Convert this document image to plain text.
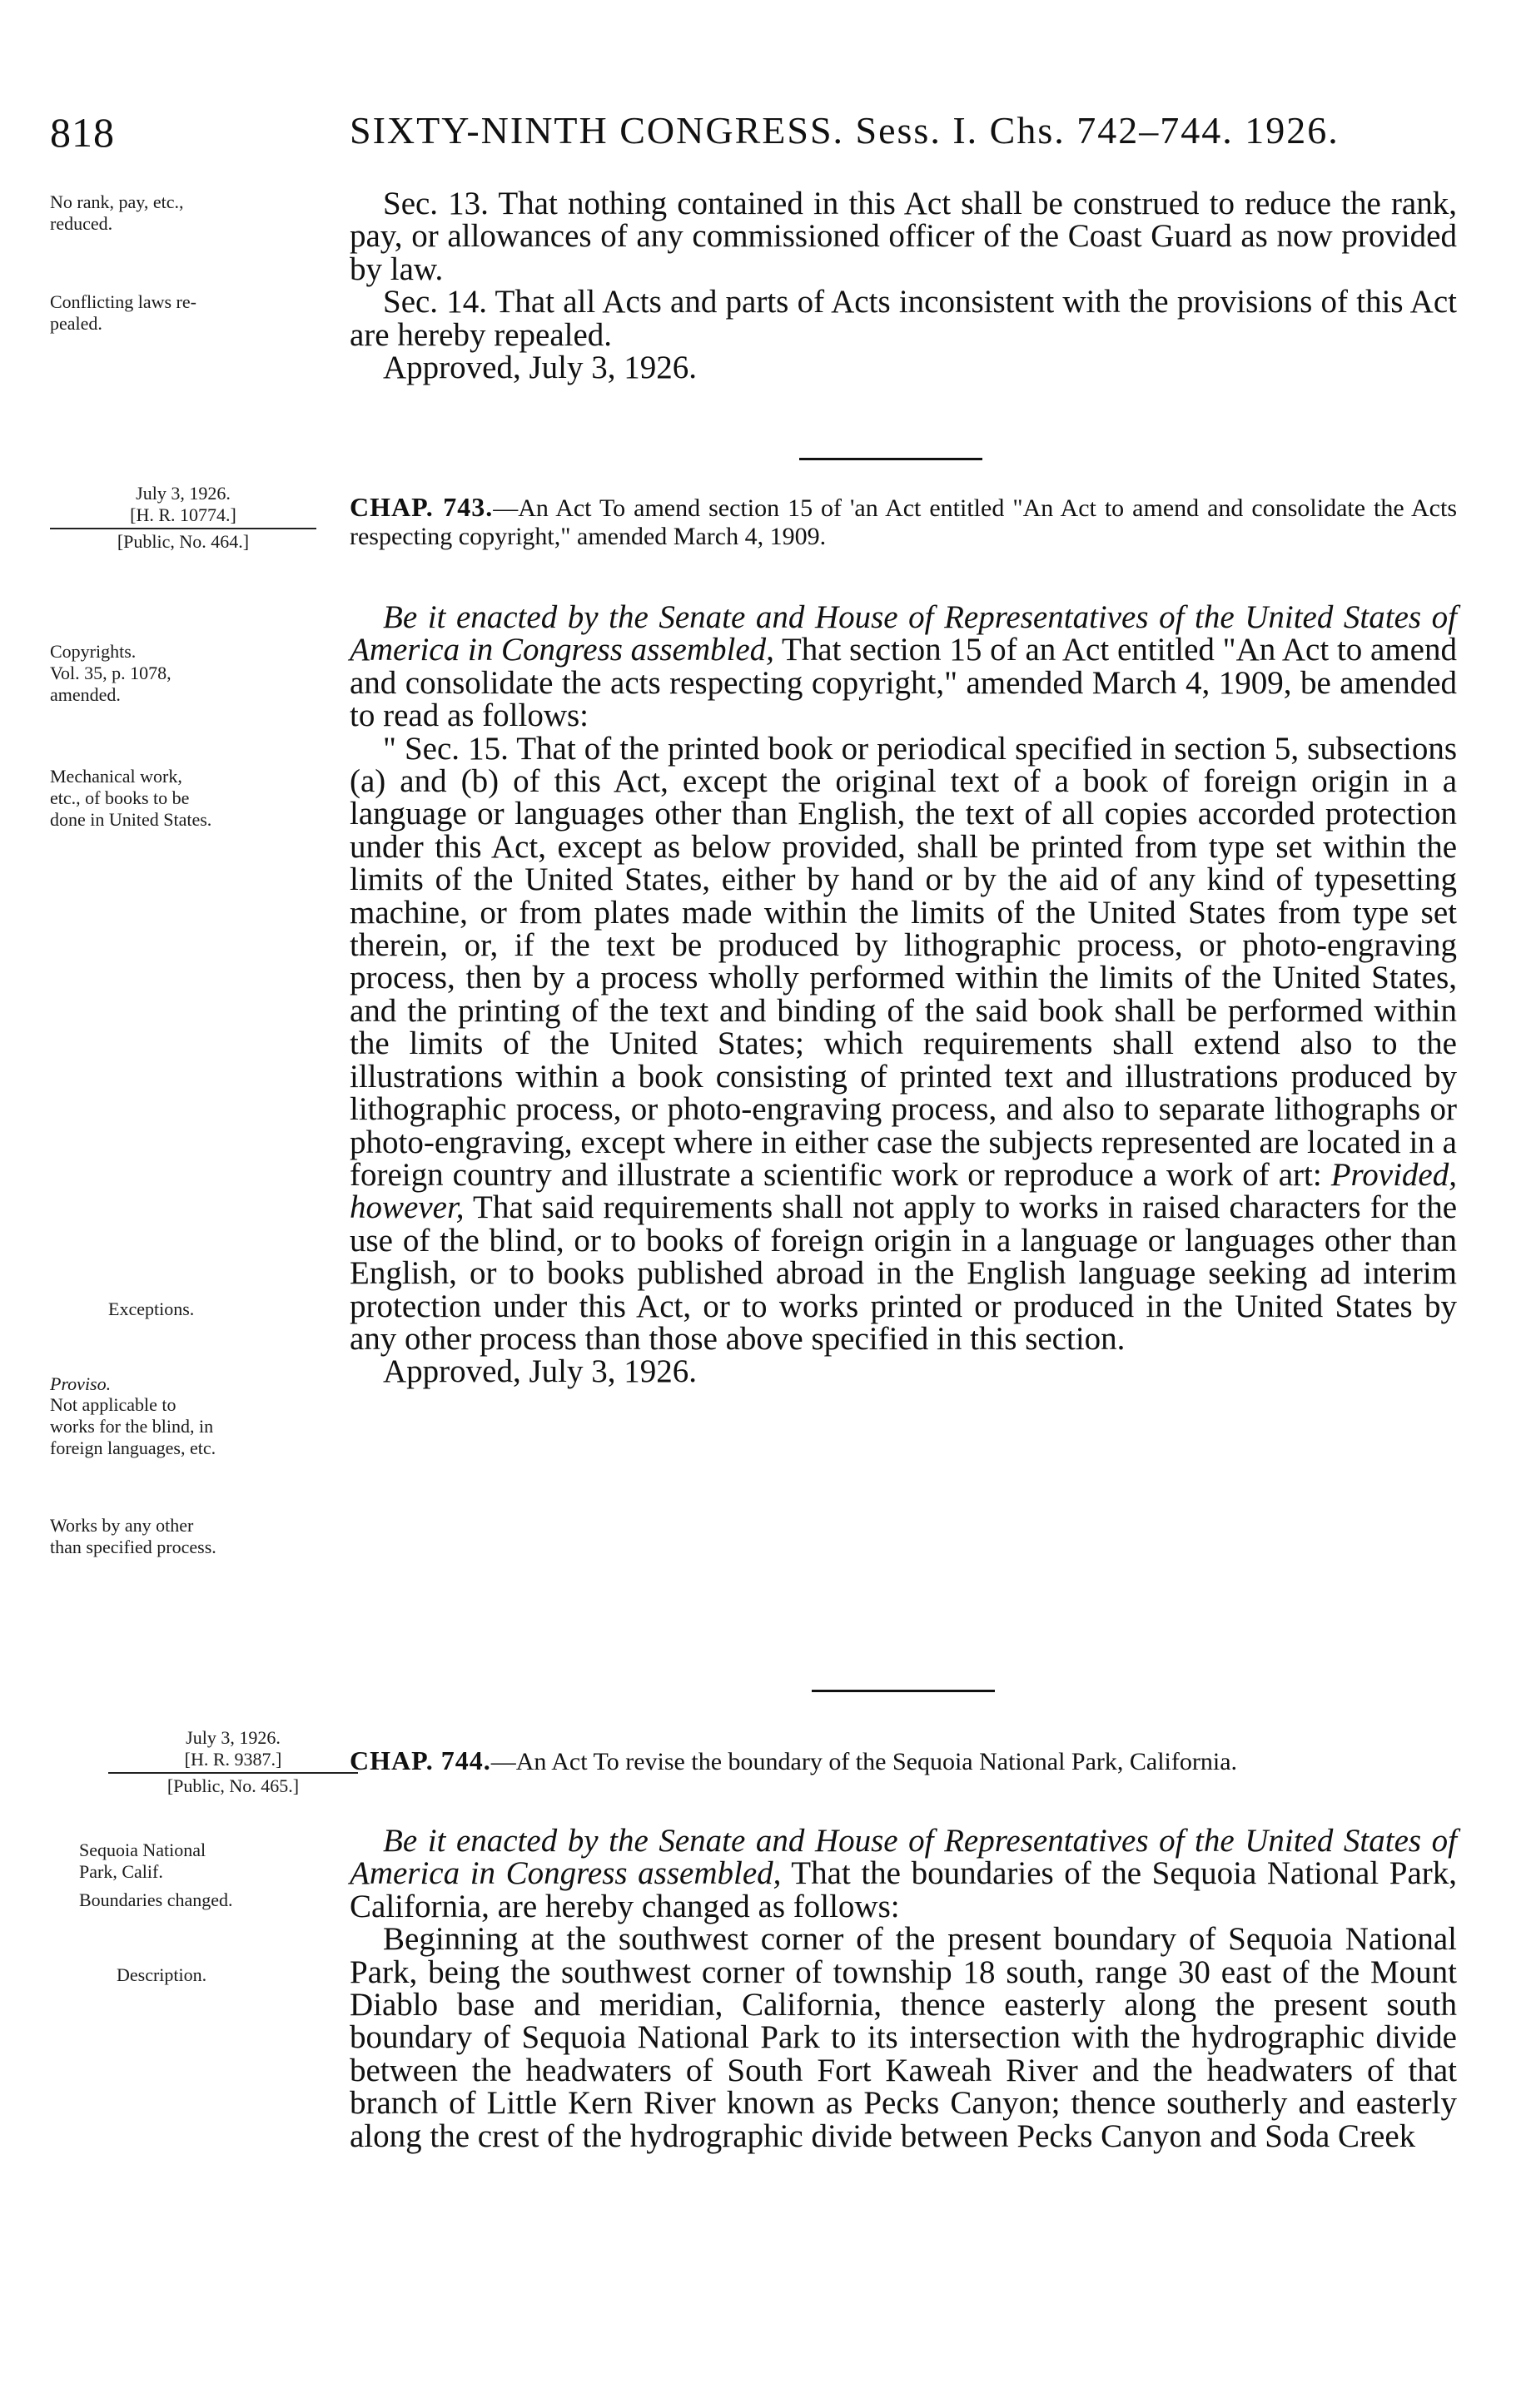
818	SIXTY-NINTH CONGRESS. Sess. I. Chs. 742–744. 1926.
No rank, pay, etc.,
reduced.
Conflicting laws re-
pealed.
July 3, 1926.
[H. R. 10774.]
[Public, No. 464.]
Copyrights.
Vol. 35, p. 1078,
amended.
Mechanical work,
etc., of books to be
done in United States.
Exceptions.
Proviso.
Not applicable to
works for the blind, in
foreign languages, etc.
Works by any other
than specified process.
July 3, 1926.
[H. R. 9387.]
[Public, No. 465.]
Sequoia National
Park, Calif.
Boundaries changed.
Description.

Sec. 13. That nothing contained in this Act shall be construed to reduce the rank, pay, or allowances of any commissioned officer of the Coast Guard as now provided by law.

Sec. 14. That all Acts and parts of Acts inconsistent with the provisions of this Act are hereby repealed.

Approved, July 3, 1926.

CHAP. 743.—An Act To amend section 15 of 'an Act entitled "An Act to amend and consolidate the Acts respecting copyright," amended March 4, 1909.

Be it enacted by the Senate and House of Representatives of the United States of America in Congress assembled, That section 15 of an Act entitled "An Act to amend and consolidate the acts respecting copyright," amended March 4, 1909, be amended to read as follows:

" Sec. 15. That of the printed book or periodical specified in section 5, subsections (a) and (b) of this Act, except the original text of a book of foreign origin in a language or languages other than English, the text of all copies accorded protection under this Act, except as below provided, shall be printed from type set within the limits of the United States, either by hand or by the aid of any kind of typesetting machine, or from plates made within the limits of the United States from type set therein, or, if the text be produced by lithographic process, or photo-engraving process, then by a process wholly performed within the limits of the United States, and the printing of the text and binding of the said book shall be performed within the limits of the United States; which requirements shall extend also to the illustrations within a book consisting of printed text and illustrations produced by lithographic process, or photo-engraving process, and also to separate lithographs or photo-engraving, except where in either case the subjects represented are located in a foreign country and illustrate a scientific work or reproduce a work of art: Provided, however, That said requirements shall not apply to works in raised characters for the use of the blind, or to books of foreign origin in a language or languages other than English, or to books published abroad in the English language seeking ad interim protection under this Act, or to works printed or produced in the United States by any other process than those above specified in this section.

Approved, July 3, 1926.

CHAP. 744.—An Act To revise the boundary of the Sequoia National Park, California.

Be it enacted by the Senate and House of Representatives of the United States of America in Congress assembled, That the boundaries of the Sequoia National Park, California, are hereby changed as follows:

Beginning at the southwest corner of the present boundary of Sequoia National Park, being the southwest corner of township 18 south, range 30 east of the Mount Diablo base and meridian, California, thence easterly along the present south boundary of Sequoia National Park to its intersection with the hydrographic divide between the headwaters of South Fort Kaweah River and the headwaters of that branch of Little Kern River known as Pecks Canyon; thence southerly and easterly along the crest of the hydrographic divide between Pecks Canyon and Soda Creek
